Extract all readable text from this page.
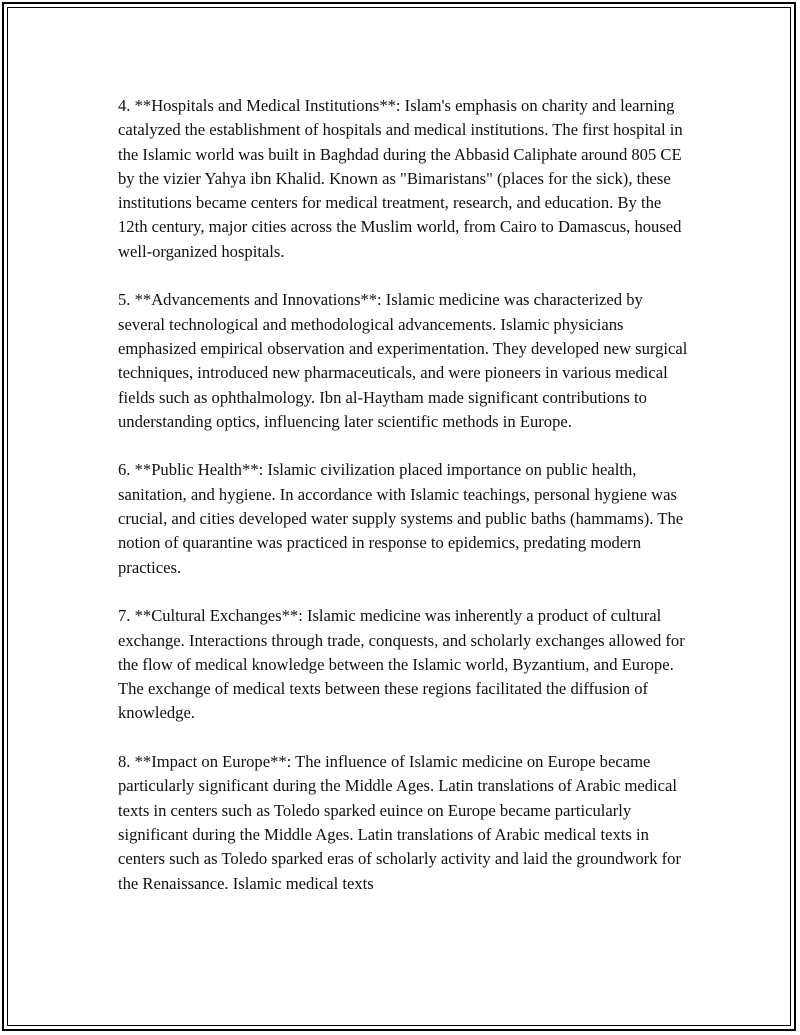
4. **Hospitals and Medical Institutions**: Islam's emphasis on charity and learning catalyzed the establishment of hospitals and medical institutions. The first hospital in the Islamic world was built in Baghdad during the Abbasid Caliphate around 805 CE by the vizier Yahya ibn Khalid. Known as "Bimaristans" (places for the sick), these institutions became centers for medical treatment, research, and education. By the 12th century, major cities across the Muslim world, from Cairo to Damascus, housed well-organized hospitals.

5. **Advancements and Innovations**: Islamic medicine was characterized by several technological and methodological advancements. Islamic physicians emphasized empirical observation and experimentation. They developed new surgical techniques, introduced new pharmaceuticals, and were pioneers in various medical fields such as ophthalmology. Ibn al-Haytham made significant contributions to understanding optics, influencing later scientific methods in Europe.

6. **Public Health**: Islamic civilization placed importance on public health, sanitation, and hygiene. In accordance with Islamic teachings, personal hygiene was crucial, and cities developed water supply systems and public baths (hammams). The notion of quarantine was practiced in response to epidemics, predating modern practices.

7. **Cultural Exchanges**: Islamic medicine was inherently a product of cultural exchange. Interactions through trade, conquests, and scholarly exchanges allowed for the flow of medical knowledge between the Islamic world, Byzantium, and Europe. The exchange of medical texts between these regions facilitated the diffusion of knowledge.

8. **Impact on Europe**: The influence of Islamic medicine on Europe became particularly significant during the Middle Ages. Latin translations of Arabic medical texts in centers such as Toledo sparked euince on Europe became particularly significant during the Middle Ages. Latin translations of Arabic medical texts in centers such as Toledo sparked eras of scholarly activity and laid the groundwork for the Renaissance. Islamic medical texts
